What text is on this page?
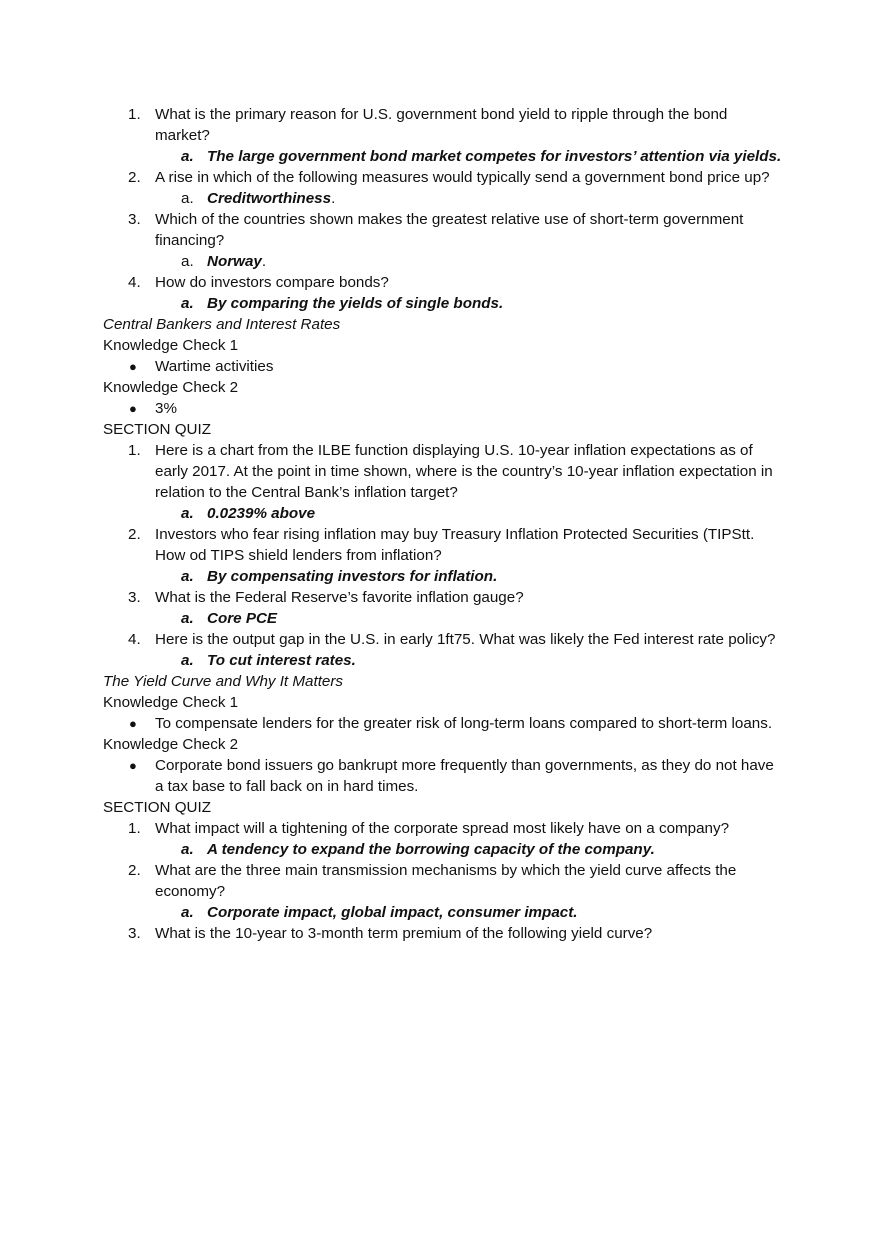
1. What is the primary reason for U.S. government bond yield to ripple through the bond market?
a. The large government bond market competes for investors’ attention via yields.
2. A rise in which of the following measures would typically send a government bond price up?
a. Creditworthiness.
3. Which of the countries shown makes the greatest relative use of short-term government financing?
a. Norway.
4. How do investors compare bonds?
a. By comparing the yields of single bonds.
Central Bankers and Interest Rates
Knowledge Check 1
● Wartime activities
Knowledge Check 2
● 3%
SECTION QUIZ
1. Here is a chart from the ILBE function displaying U.S. 10-year inflation expectations as of early 2017. At the point in time shown, where is the country’s 10-year inflation expectation in relation to the Central Bank’s inflation target?
a. 0.0239% above
2. Investors who fear rising inflation may buy Treasury Inflation Protected Securities (TIPStt. How od TIPS shield lenders from inflation?
a. By compensating investors for inflation.
3. What is the Federal Reserve’s favorite inflation gauge?
a. Core PCE
4. Here is the output gap in the U.S. in early 1ft75. What was likely the Fed interest rate policy?
a. To cut interest rates.
The Yield Curve and Why It Matters
Knowledge Check 1
● To compensate lenders for the greater risk of long-term loans compared to short-term loans.
Knowledge Check 2
● Corporate bond issuers go bankrupt more frequently than governments, as they do not have a tax base to fall back on in hard times.
SECTION QUIZ
1. What impact will a tightening of the corporate spread most likely have on a company?
a. A tendency to expand the borrowing capacity of the company.
2. What are the three main transmission mechanisms by which the yield curve affects the economy?
a. Corporate impact, global impact, consumer impact.
3. What is the 10-year to 3-month term premium of the following yield curve?
